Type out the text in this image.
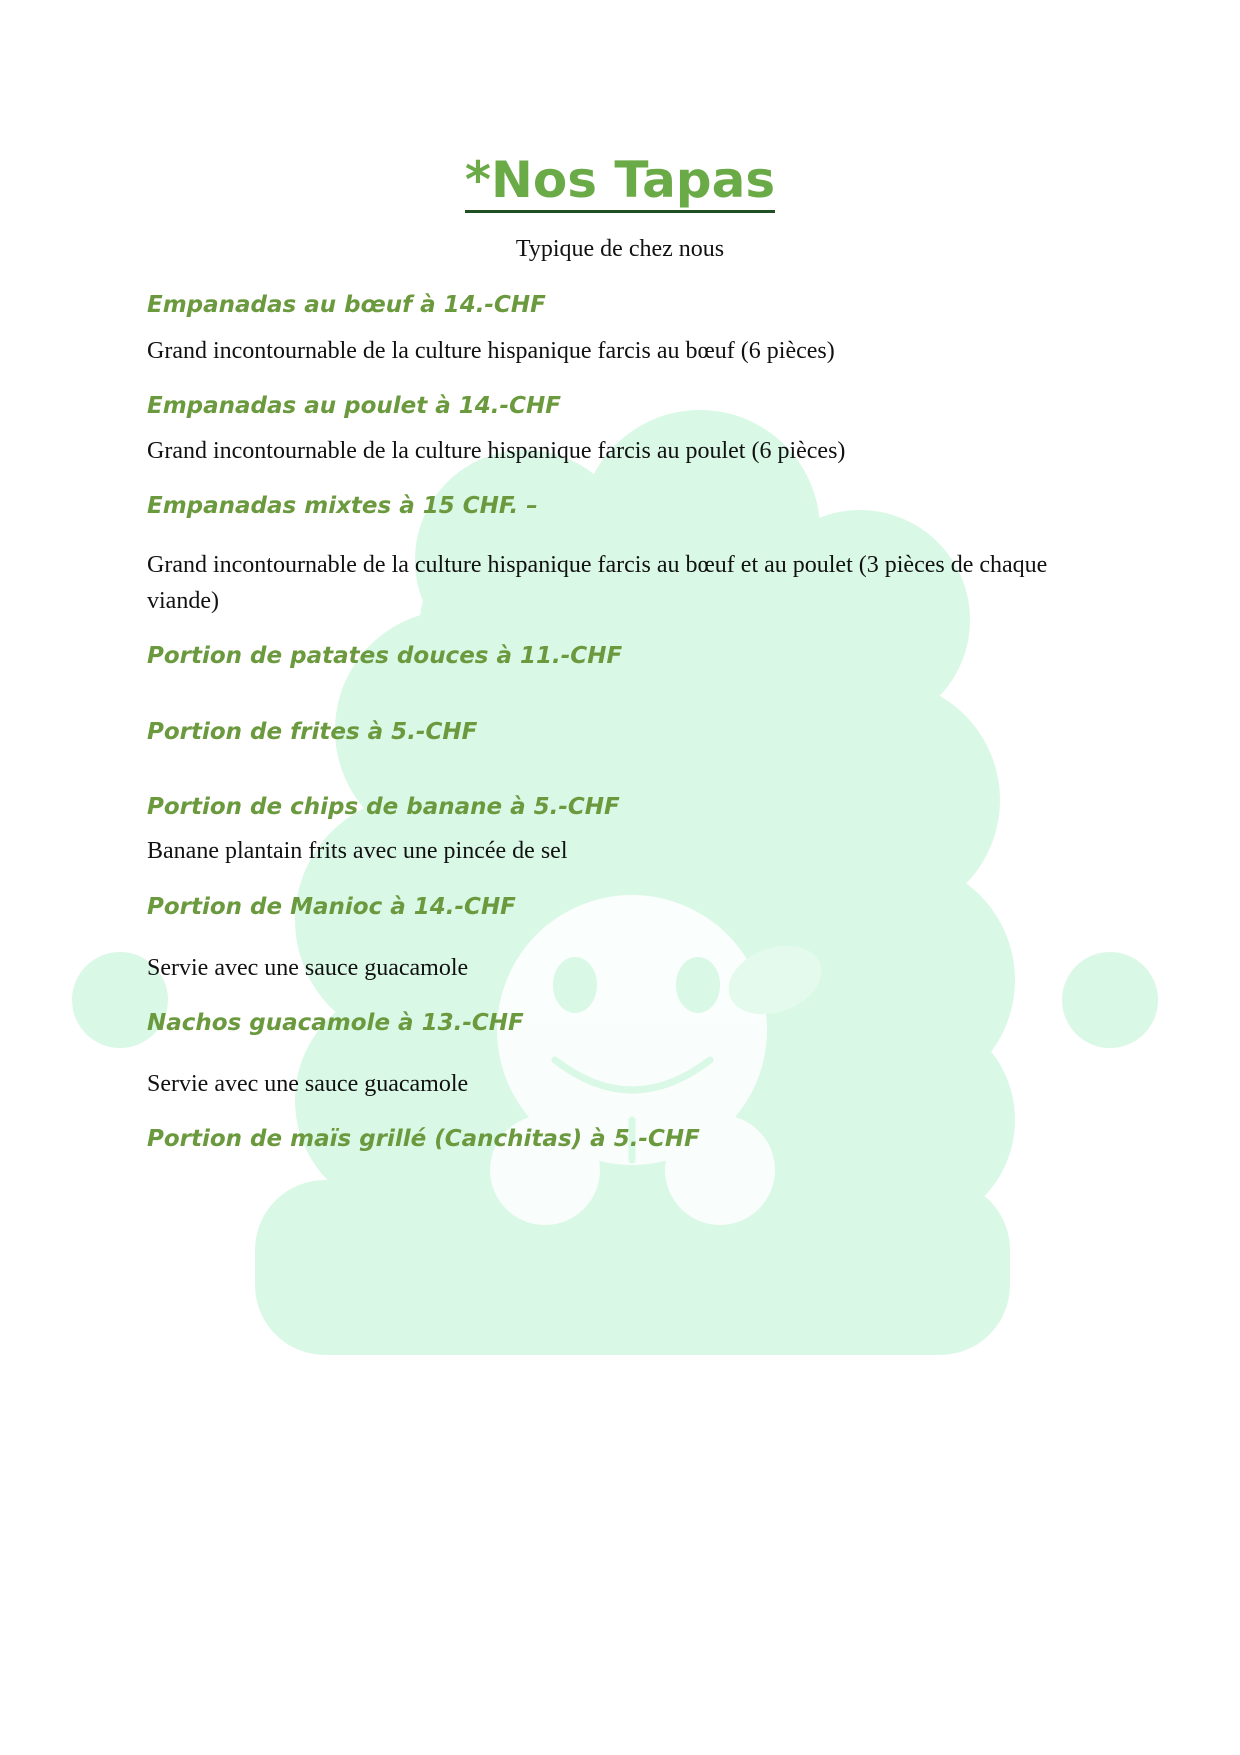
*Nos Tapas

Typique de chez nous

Empanadas au bœuf à 14.-CHF

Grand incontournable de la culture hispanique farcis au bœuf (6 pièces)

Empanadas au poulet à 14.-CHF

Grand incontournable de la culture hispanique farcis au poulet (6 pièces)

Empanadas mixtes à 15 CHF. –

Grand incontournable de la culture hispanique farcis au bœuf et au poulet (3 pièces de chaque viande)

Portion de patates douces à 11.-CHF

Portion de frites à 5.-CHF

Portion de chips de banane à 5.-CHF

Banane plantain frits avec une pincée de sel

Portion de Manioc à 14.-CHF

Servie avec une sauce guacamole

Nachos guacamole à 13.-CHF

Servie avec une sauce guacamole

Portion de maïs grillé (Canchitas) à 5.-CHF
